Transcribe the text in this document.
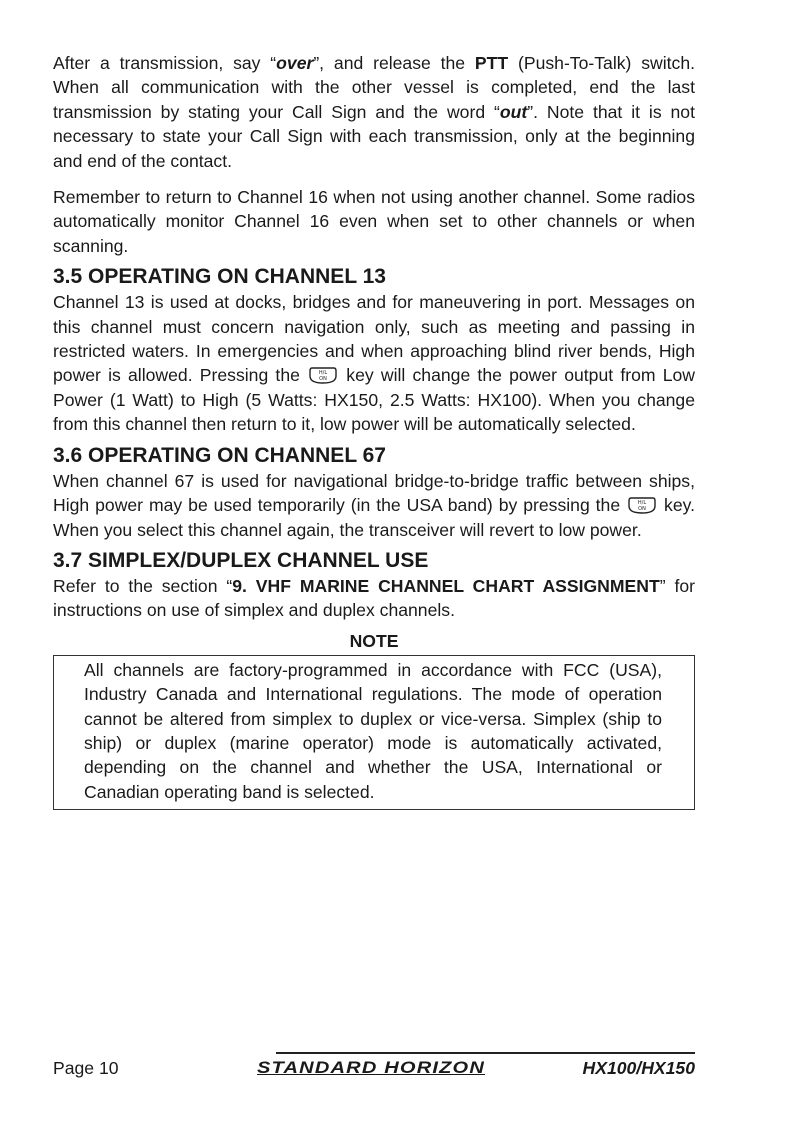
After a transmission, say “over”, and release the PTT (Push-To-Talk) switch. When all communication with the other vessel is completed, end the last transmission by stating your Call Sign and the word “out”. Note that it is not necessary to state your Call Sign with each transmission, only at the beginning and end of the contact.

Remember to return to Channel 16 when not using another channel. Some radios automatically monitor Channel 16 even when set to other channels or when scanning.

3.5 OPERATING ON CHANNEL 13

Channel 13 is used at docks, bridges and for maneuvering in port. Messages on this channel must concern navigation only, such as meeting and passing in restricted waters. In emergencies and when approaching blind river bends, High power is allowed. Pressing the	H/L
ON key will change the power output from Low Power (1 Watt) to High (5 Watts: HX150, 2.5 Watts: HX100). When you change from this channel then return to it, low power will be automatically selected.

3.6 OPERATING ON CHANNEL 67

When channel 67 is used for navigational bridge-to-bridge traffic between ships, High power may be used temporarily (in the USA band) by pressing the	H/L
ON key. When you select this channel again, the transceiver will revert to low power.

3.7 SIMPLEX/DUPLEX CHANNEL USE

Refer to the section “9. VHF MARINE CHANNEL CHART ASSIGNMENT” for instructions on use of simplex and duplex channels.

NOTE

All channels are factory-programmed in accordance with FCC (USA), Industry Canada and International regulations. The mode of operation cannot be altered from simplex to duplex or vice-versa. Simplex (ship to ship) or duplex (marine operator) mode is automatically activated, depending on the channel and whether the USA, International or Canadian operating band is selected.

Page 10	STANDARD HORIZON	HX100/HX150
